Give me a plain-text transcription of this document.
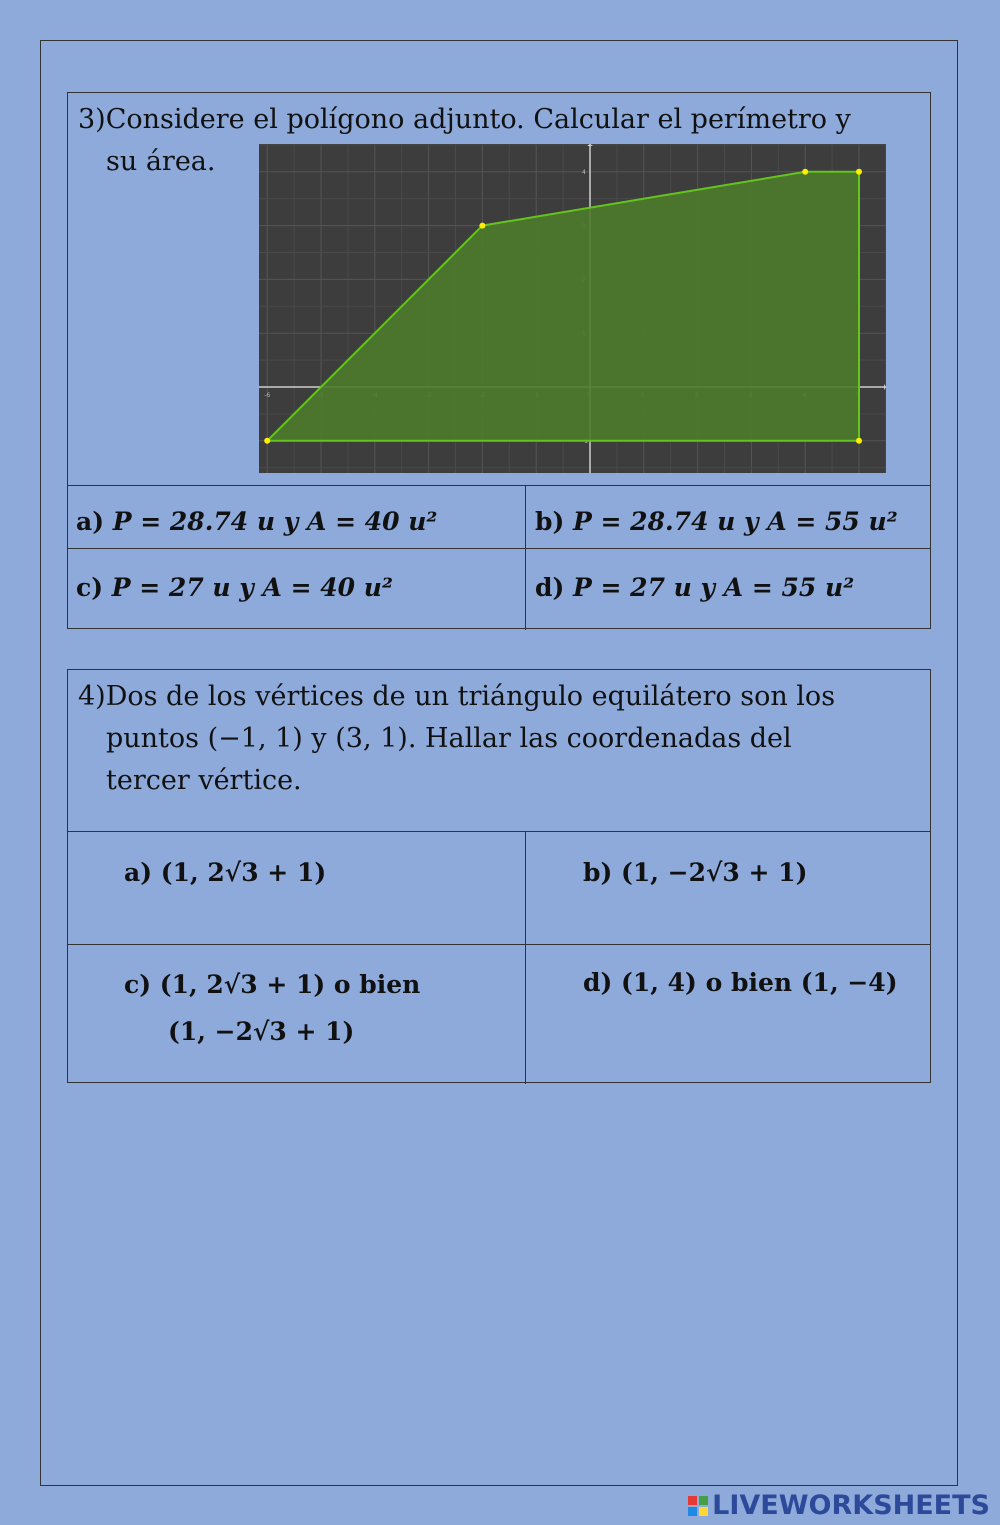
3)Considere el polígono adjunto. Calcular el perímetro y
su área.
-6
4
a) P = 28.74 u y A = 40 u²	b) P = 28.74 u y A = 55 u²
c) P = 27 u y A = 40 u²	d) P = 27 u y A = 55 u²
4)Dos de los vértices de un triángulo equilátero son los
puntos (−1, 1) y (3, 1). Hallar las coordenadas del
tercer vértice.
a) (1, 2√3 + 1)	b) (1, −2√3 + 1)
c) (1, 2√3 + 1) o bien
(1, −2√3 + 1)
d) (1, 4) o bien (1, −4)
LIVEWORKSHEETS
